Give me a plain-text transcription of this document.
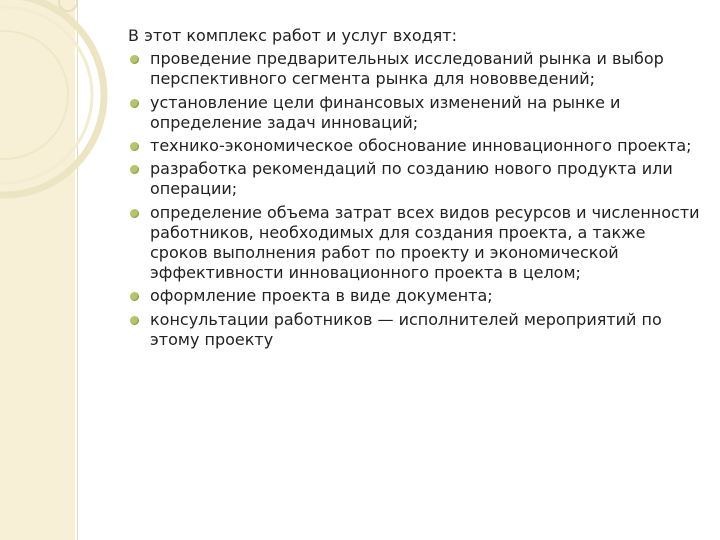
В этот комплекс работ и услуг входят:

проведение предварительных исследований рынка и выбор перспективного сегмента рынка для нововведений;
установление цели финансовых изменений на рынке и определение задач инноваций;
технико-экономическое обоснование инновационного проекта;
разработка рекомендаций по созданию нового продукта или операции;
определение объема затрат всех видов ресурсов и численности работников, необходимых для создания проекта, а также сроков выполнения работ по проекту и экономической эффективности инновационного проекта в целом;
оформление проекта в виде документа;
консультации работников — исполнителей мероприятий по этому проекту
